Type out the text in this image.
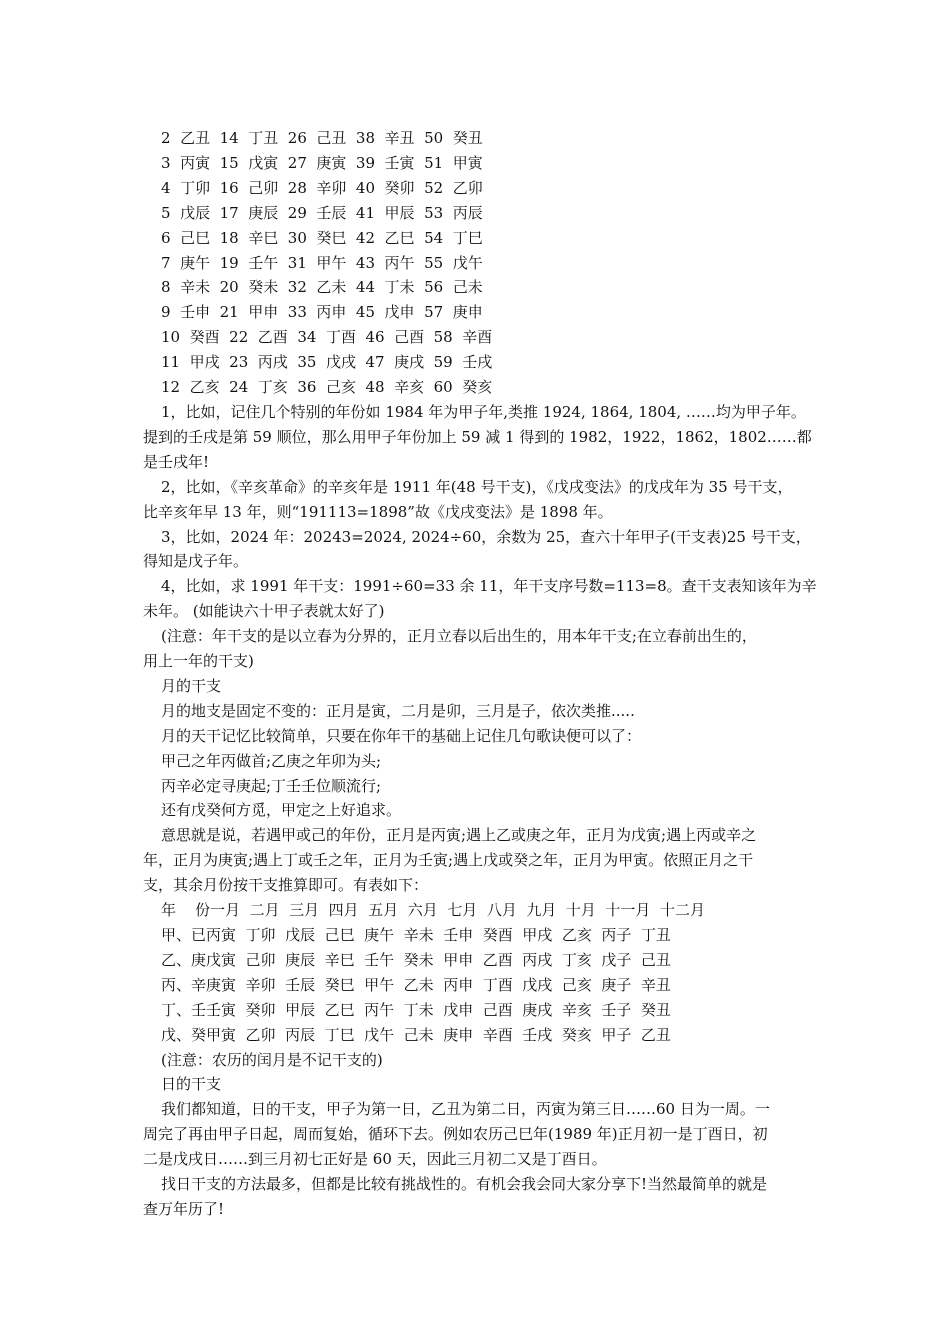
2  乙丑  14  丁丑  26  己丑  38  辛丑  50  癸丑
3  丙寅  15  戊寅  27  庚寅  39  壬寅  51  甲寅
4  丁卯  16  己卯  28  辛卯  40  癸卯  52  乙卯
5  戊辰  17  庚辰  29  壬辰  41  甲辰  53  丙辰
6  己巳  18  辛巳  30  癸巳  42  乙巳  54  丁巳
7  庚午  19  壬午  31  甲午  43  丙午  55  戊午
8  辛未  20  癸未  32  乙未  44  丁未  56  己未
9  壬申  21  甲申  33  丙申  45  戊申  57  庚申
10  癸酉  22  乙酉  34  丁酉  46  己酉  58  辛酉
11  甲戌  23  丙戌  35  戊戌  47  庚戌  59  壬戌
12  乙亥  24  丁亥  36  己亥  48  辛亥  60  癸亥
1，比如，记住几个特别的年份如 1984 年为甲子年,类推 1924, 1864, 1804, ……均为甲子年。
提到的壬戌是第 59 顺位，那么用甲子年份加上 59 减 1 得到的 1982，1922，1862，1802……都
是壬戌年!
2，比如，《辛亥革命》的辛亥年是 1911 年(48 号干支)，《戊戌变法》的戊戌年为 35 号干支，
比辛亥年早 13 年，则“191113=1898”故《戊戌变法》是 1898 年。
3，比如，2024 年：20243=2024, 2024÷60，余数为 25，查六十年甲子(干支表)25 号干支，
得知是戊子年。
4，比如，求 1991 年干支：1991÷60=33 余 11，年干支序号数=113=8。查干支表知该年为辛
未年。 (如能诀六十甲子表就太好了)
(注意：年干支的是以立春为分界的，正月立春以后出生的，用本年干支;在立春前出生的，
用上一年的干支)
月的干支
月的地支是固定不变的：正月是寅，二月是卯，三月是子，依次类推.....
月的天干记忆比较简单，只要在你年干的基础上记住几句歌诀便可以了：
甲己之年丙做首;乙庚之年卯为头;
丙辛必定寻庚起;丁壬壬位顺流行;
还有戊癸何方觅，甲定之上好追求。
意思就是说，若遇甲或己的年份，正月是丙寅;遇上乙或庚之年，正月为戊寅;遇上丙或辛之
年，正月为庚寅;遇上丁或壬之年，正月为壬寅;遇上戊或癸之年，正月为甲寅。依照正月之干
支，其余月份按干支推算即可。有表如下：
年    份一月  二月  三月  四月  五月  六月  七月  八月  九月  十月  十一月  十二月
甲、已丙寅  丁卯  戊辰  己巳  庚午  辛未  壬申  癸酉  甲戌  乙亥  丙子  丁丑
乙、庚戊寅  己卯  庚辰  辛巳  壬午  癸未  甲申  乙酉  丙戌  丁亥  戊子  己丑
丙、辛庚寅  辛卯  壬辰  癸巳  甲午  乙未  丙申  丁酉  戊戌  己亥  庚子  辛丑
丁、壬壬寅  癸卯  甲辰  乙巳  丙午  丁未  戊申  己酉  庚戌  辛亥  壬子  癸丑
戊、癸甲寅  乙卯  丙辰  丁巳  戊午  己未  庚申  辛酉  壬戌  癸亥  甲子  乙丑
(注意：农历的闰月是不记干支的)
日的干支
我们都知道，日的干支，甲子为第一日，乙丑为第二日，丙寅为第三日……60 日为一周。一
周完了再由甲子日起，周而复始，循环下去。例如农历己巳年(1989 年)正月初一是丁酉日，初
二是戊戌日……到三月初七正好是 60 天，因此三月初二又是丁酉日。
找日干支的方法最多，但都是比较有挑战性的。有机会我会同大家分享下!当然最简单的就是
查万年历了!
